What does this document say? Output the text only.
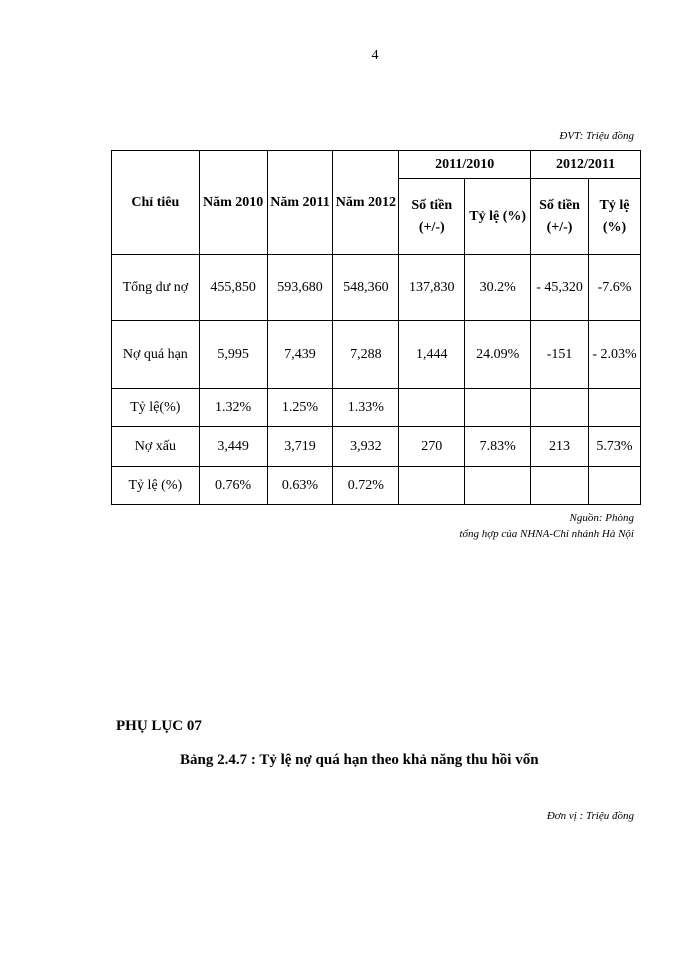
4
ĐVT: Triệu đồng
Chỉ tiêu	Năm 2010	Năm 2011	Năm 2012	2011/2010		2012/2011	
				Số tiền (+/-)	Tỷ lệ (%)	Số tiền (+/-)	Tỷ lệ (%)
Tổng dư nợ	455,850	593,680	548,360	137,830	30.2%	- 45,320	-7.6%
Nợ quá hạn	5,995	7,439	7,288	1,444	24.09%	-151	- 2.03%
Tỷ lệ(%)	1.32%	1.25%	1.33%				
Nợ xấu	3,449	3,719	3,932	270	7.83%	213	5.73%
Tỷ lệ (%)	0.76%	0.63%	0.72%				
Nguồn: Phòng
tổng hợp của NHNA-Chi nhánh Hà Nội
PHỤ LỤC 07
Bảng 2.4.7 : Tỷ lệ nợ quá hạn theo khả năng thu hồi vốn
Đơn vị : Triệu đồng
